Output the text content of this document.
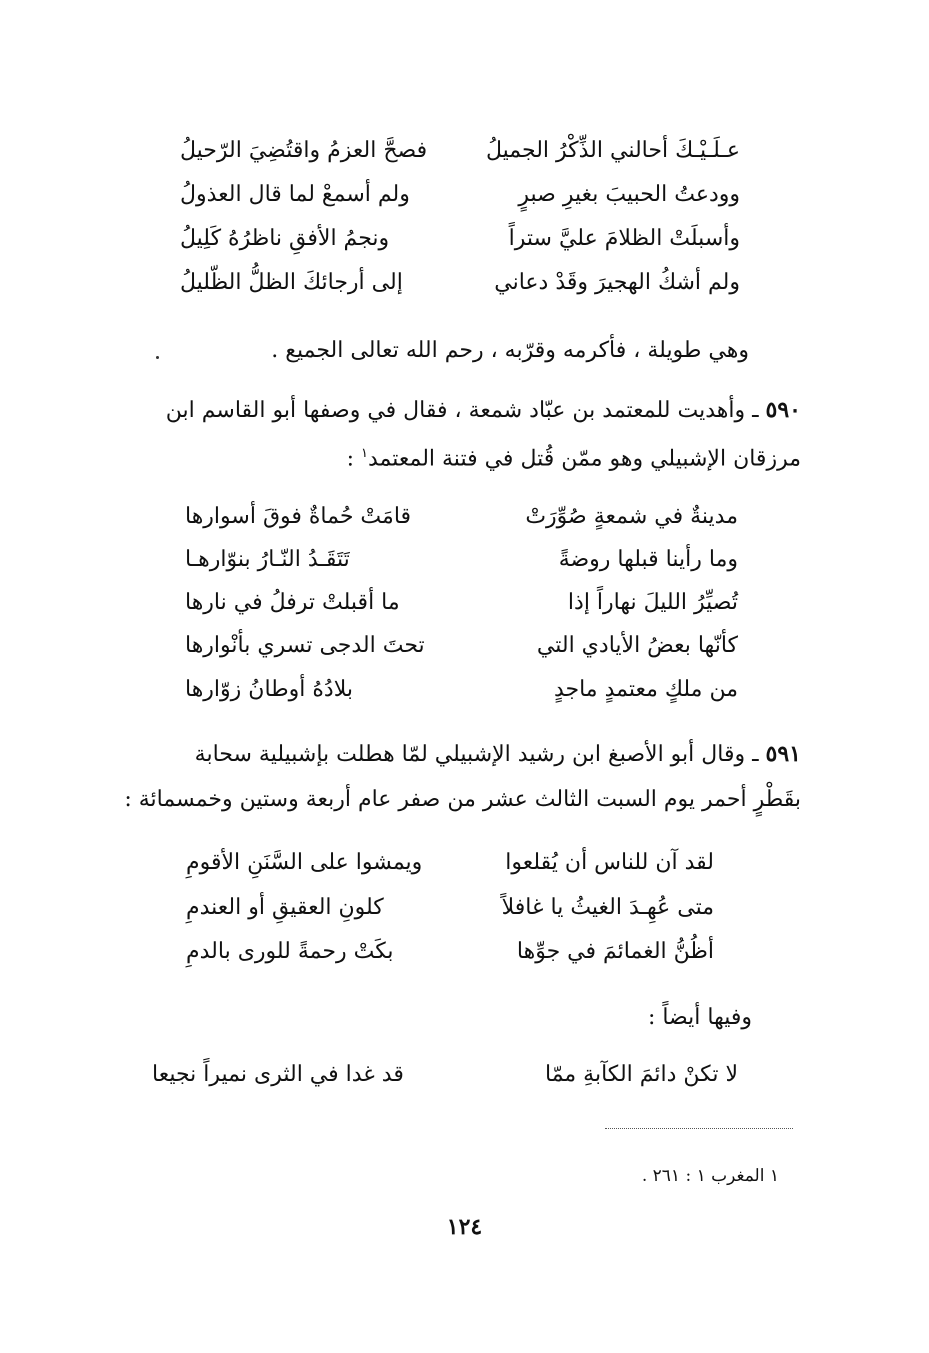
عـلَـيْـكَ أحالني الذِّكْرُ الجميلُ
فصحَّ العزمُ واقتُضِيَ الرّحيلُ
وودعتُ الحبيبَ بغيرِ صبرٍ
ولم أسمعْ لما قال العذولُ
وأسبلَتْ الظلامَ عليَّ ستراً
ونجمُ الأفقِ ناظرُهُ كَلِيلُ
ولم أشكُ الهجيرَ وقَدْ دعاني
إلى أرجائكَ الظلُّ الظّليلُ
وهي طويلة ، فأكرمه وقرّبه ، رحم الله تعالى الجميع .
٥٩٠ ـ وأهديت للمعتمد بن عبّاد شمعة ، فقال في وصفها أبو القاسم ابن
مرزقان الإشبيلي وهو ممّن قُتل في فتنة المعتمد$^١$ :
مدينةٌ في شمعةٍ صُوِّرَتْ
قامَتْ حُماةٌ فوقَ أسوارها
وما رأينا قبلها روضةً
تَتَقَـدُ النّـارُ بنوّارهـا
تُصيِّرُ الليلَ نهاراً إذا
ما أقبلتْ ترفلُ في نارها
كأنّها بعضُ الأيادي التي
تحتَ الدجى تسري بأنْوارها
من ملكٍ معتمدٍ ماجدٍ
بلادُهُ أوطانُ زوّارها
٥٩١ ـ وقال أبو الأصبغ ابن رشيد الإشبيلي لمّا هطلت بإشبيلية سحابة
بقَطْرٍ أحمر يوم السبت الثالث عشر من صفر عام أربعة وستين وخمسمائة :
لقد آن للناس أن يُقلعوا
ويمشوا على السَّنَنِ الأقومِ
متى عُهِـدَ الغيثُ يا غافلاً
كلونِ العقيقِ أو العندمِ
أظُنُّ الغمائمَ في جوِّها
بكَتْ رحمةً للورى بالدمِ
وفيها أيضاً :
لا تكنْ دائمَ الكآبةِ ممّا
قد غدا في الثرى نميراً نجيعا
١ المغرب ١ : ٢٦١ .
١٢٤
